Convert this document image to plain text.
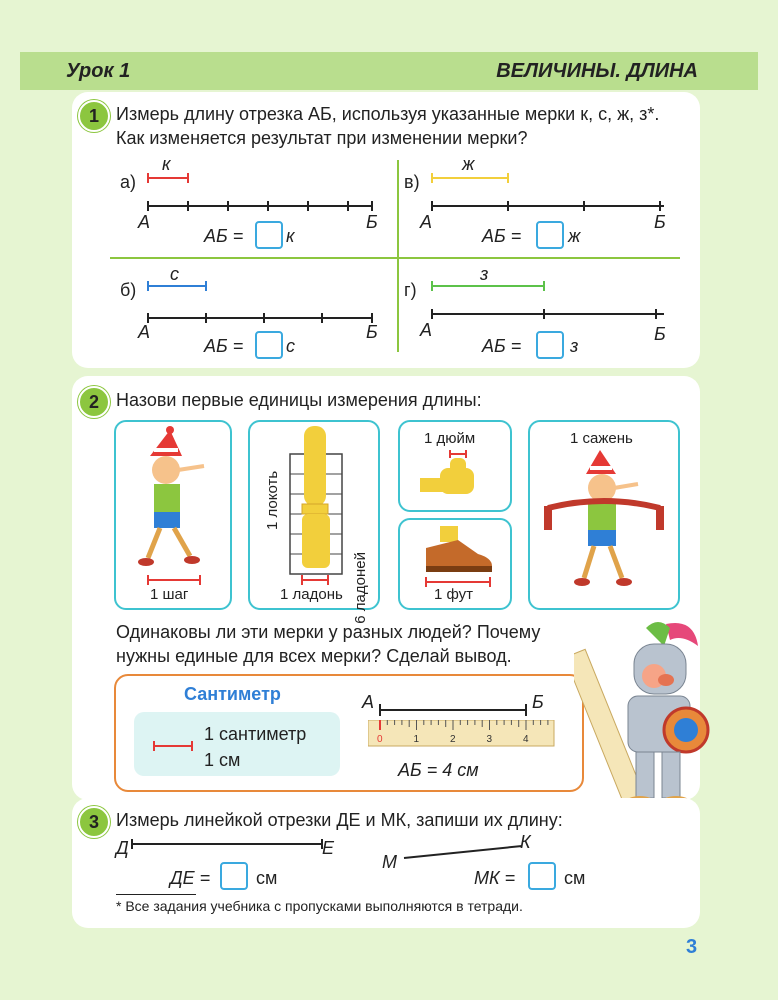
Урок 1	ВЕЛИЧИНЫ. ДЛИНА
1 Измерь длину отрезка АБ, используя указанные мерки к, с, ж, з*. Как изменяется результат при изменении мерки?
а)
к
А	Б
АБ = к
в)
ж
А	Б
АБ =	ж
б)
с
А	Б
АБ = с
г)
з
А	Б
АБ =	з
2 Назови первые единицы измерения длины:
1 шаг
1 локоть
6 ладоней
1 ладонь
1 дюйм
1 фут
1 сажень
Одинаковы ли эти мерки у разных людей? Почему нужны единые для всех мерки? Сделай вывод.
Сантиметр
1 сантиметр
1 см
А	Б
0	1	2	3	4
АБ = 4 см
3 Измерь линейкой отрезки ДЕ и МК, запиши их длину:
Д	Е
М
К
ДЕ =	см	МК =	см
* Все задания учебника с пропусками выполняются в тетради.
3
